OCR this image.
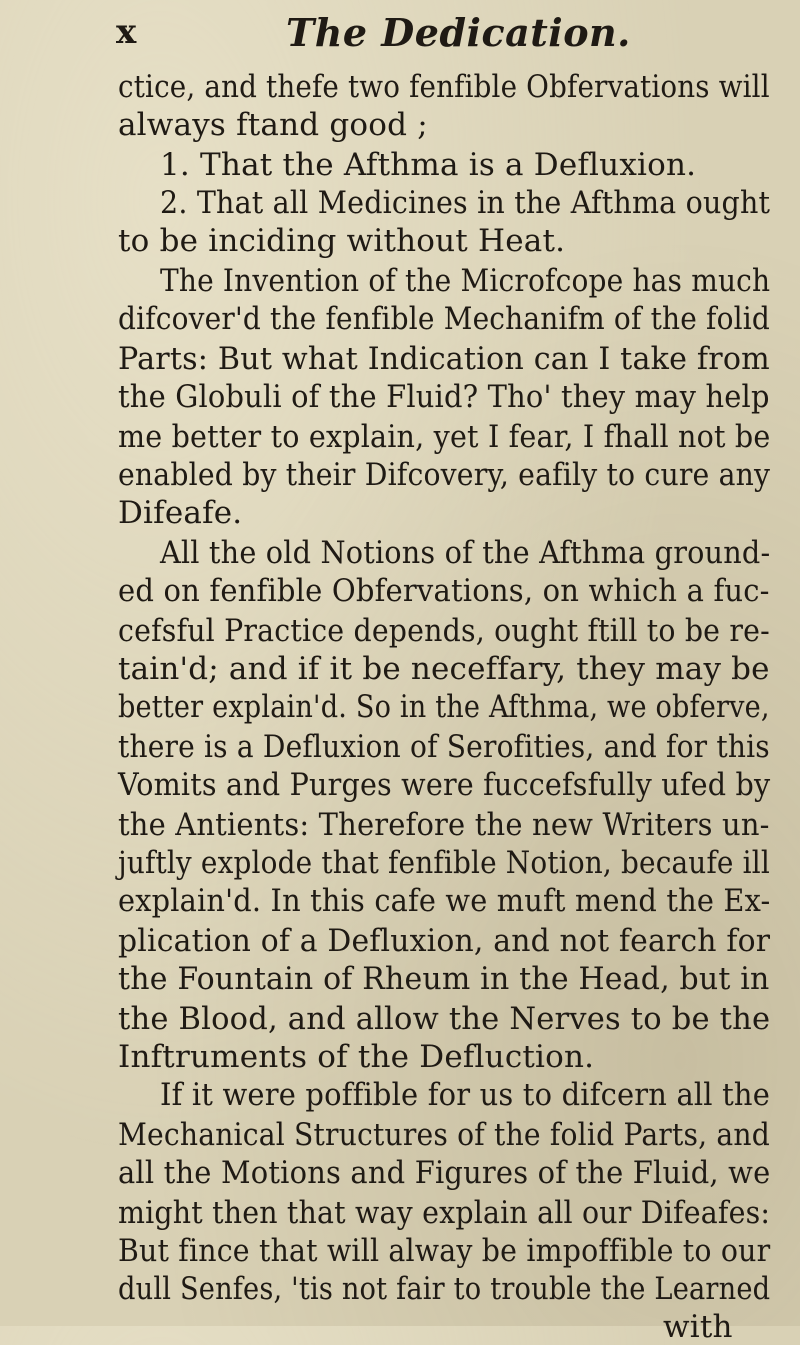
x	The Dedication.
ctice, and thefe two fenfible Obfervations will
always ftand good ;
1. That the Afthma is a Defluxion.
2. That all Medicines in the Afthma ought
to be inciding without Heat.
The Invention of the Microfcope has much
difcover'd the fenfible Mechanifm of the folid
Parts: But what Indication can I take from
the Globuli of the Fluid? Tho' they may help
me better to explain, yet I fear, I fhall not be
enabled by their Difcovery, eafily to cure any
Difeafe.
All the old Notions of the Afthma ground-
ed on fenfible Obfervations, on which a fuc-
cefsful Practice depends, ought ftill to be re-
tain'd; and if it be neceffary, they may be
better explain'd. So in the Afthma, we obferve,
there is a Defluxion of Serofities, and for this
Vomits and Purges were fuccefsfully ufed by
the Antients: Therefore the new Writers un-
juftly explode that fenfible Notion, becaufe ill
explain'd. In this cafe we muft mend the Ex-
plication of a Defluxion, and not fearch for
the Fountain of Rheum in the Head, but in
the Blood, and allow the Nerves to be the
Inftruments of the Defluction.
If it were poffible for us to difcern all the
Mechanical Structures of the folid Parts, and
all the Motions and Figures of the Fluid, we
might then that way explain all our Difeafes:
But fince that will alway be impoffible to our
dull Senfes, 'tis not fair to trouble the Learned
with
